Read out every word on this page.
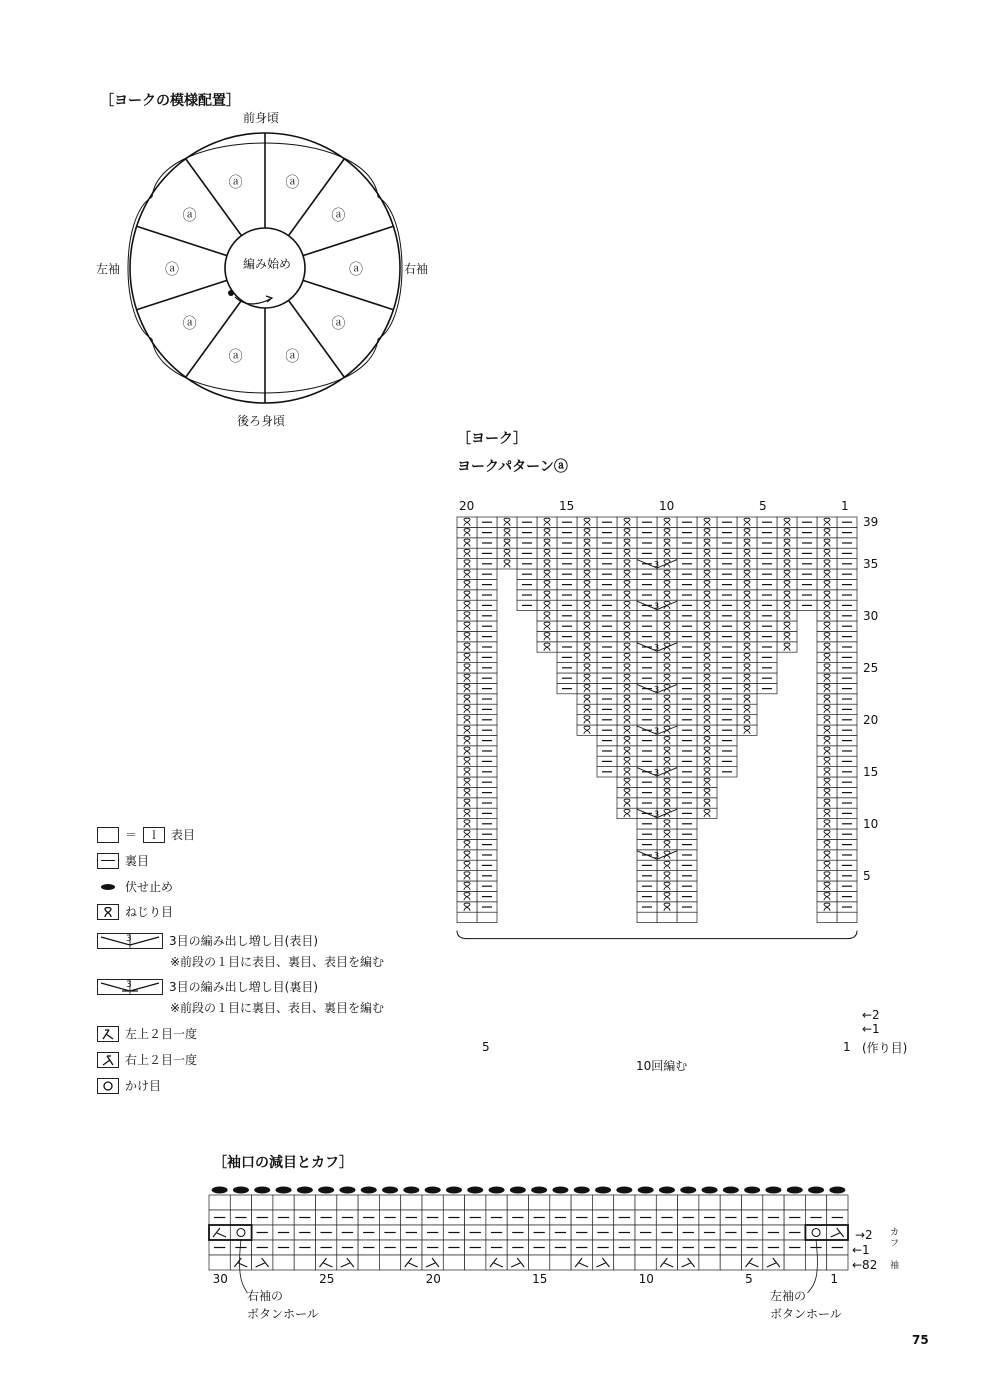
［ヨークの模様配置］
前身頃
後ろ身頃
左袖	右袖
編み始め
［ヨーク］
ヨークパターンⓐ
3
3
3
3
3
3
3
3
5	1
←2
←1
(作り目)
10回編む
＝	Ｉ 表目
裏目
伏せ止め
ねじり目
3	3目の編み出し増し目(表目)
※前段の１目に表目、裏目、表目を編む
3	3目の編み出し増し目(裏目)
※前段の１目に裏目、表目、裏目を編む
左上２目一度
右上２目一度
かけ目
［袖口の減目とカフ］
→2
←1
←82
カフ
袖
右袖の
ボタンホール
左袖の
ボタンホール
75
ⓐ
ⓐ
ⓐ
ⓐ
ⓐ
ⓐ
ⓐ
ⓐ
ⓐ	ⓐ
20	15	10	5	1
39
35
30
25
20
15
10
5
30	25	20	15	10	5	1
